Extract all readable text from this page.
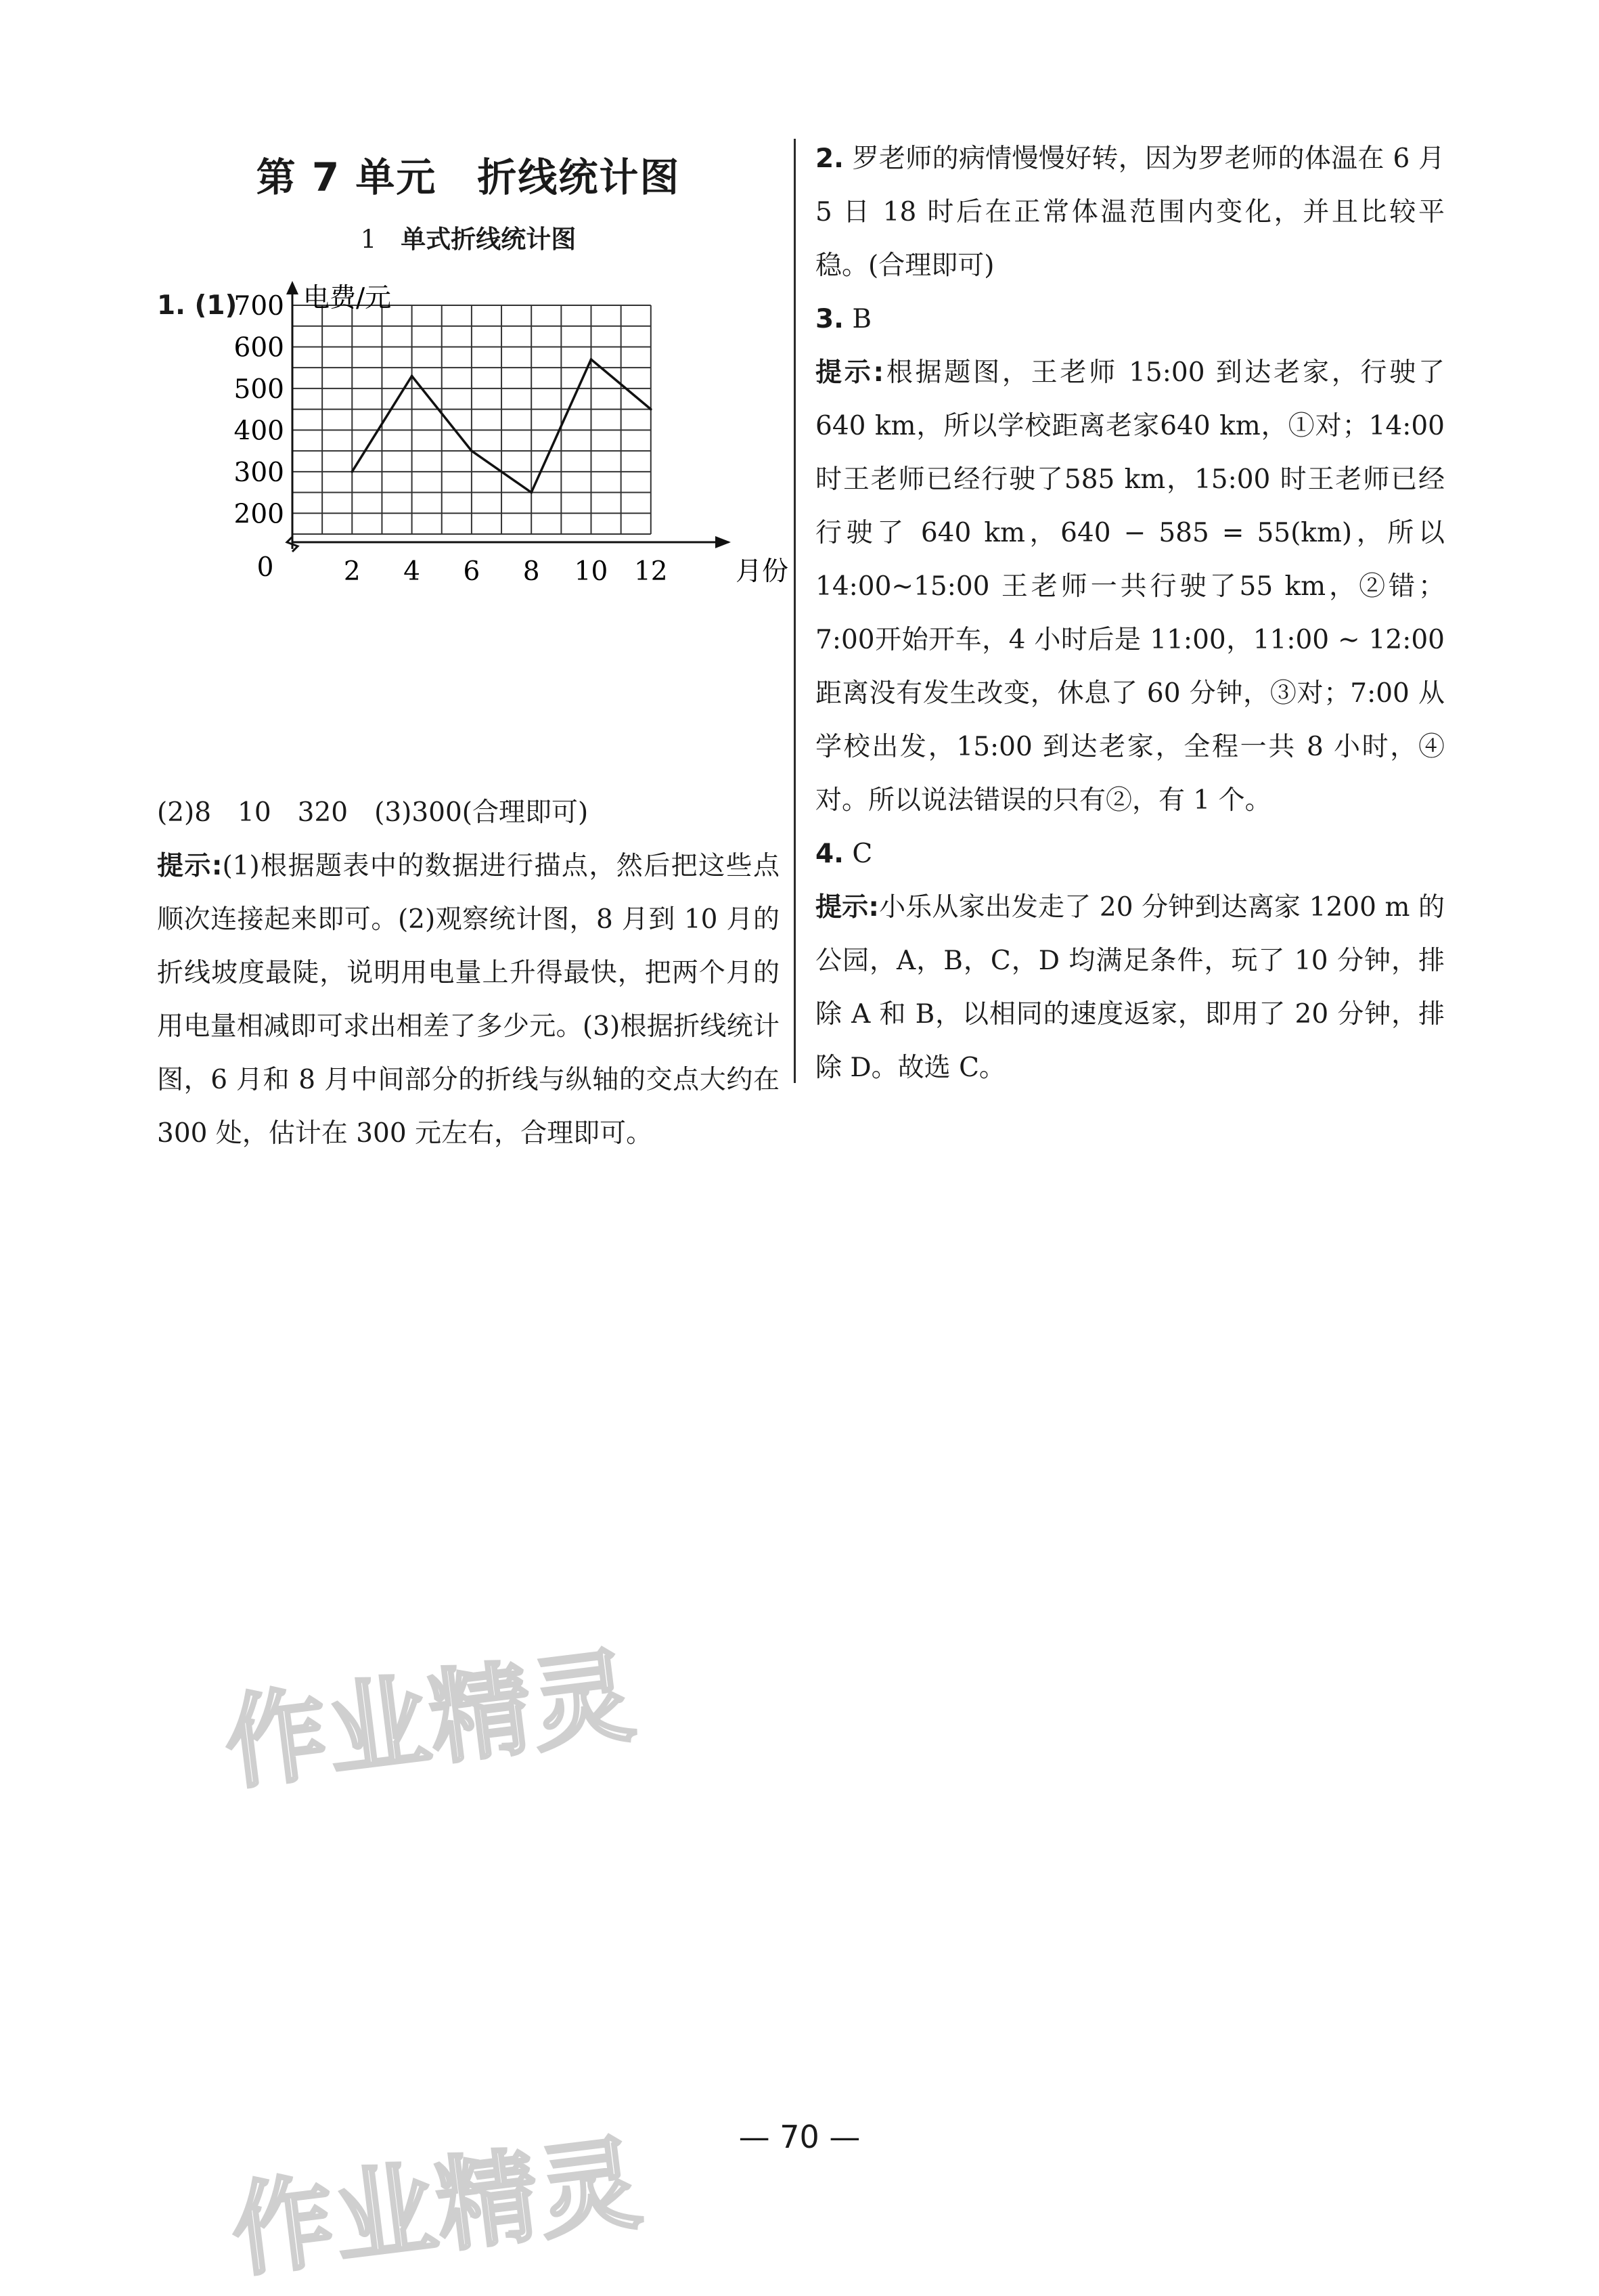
第 7 单元　折线统计图
1 单式折线统计图
1. (1)
200
300
400
500
600
700
2 4 6 8 10 12
0
电费/元
月份
(2)8　10　320　(3)300(合理即可)
提示:(1)根据题表中的数据进行描点，然后把这些点顺次连接起来即可。(2)观察统计图，8 月到 10 月的折线坡度最陡，说明用电量上升得最快，把两个月的用电量相减即可求出相差了多少元。(3)根据折线统计图，6 月和 8 月中间部分的折线与纵轴的交点大约在 300 处，估计在 300 元左右，合理即可。
2. 罗老师的病情慢慢好转，因为罗老师的体温在 6 月 5 日 18 时后在正常体温范围内变化，并且比较平稳。(合理即可)
3. B
提示:根据题图，王老师 15:00 到达老家，行驶了 640 km，所以学校距离老家640 km，①对；14:00 时王老师已经行驶了585 km，15:00 时王老师已经行驶了 640 km，640 − 585 = 55(km)，所以 14:00~15:00 王老师一共行驶了55 km，②错；7:00开始开车，4 小时后是 11:00，11:00 ~ 12:00 距离没有发生改变，休息了 60 分钟，③对；7:00 从学校出发，15:00 到达老家，全程一共 8 小时，④对。所以说法错误的只有②，有 1 个。
4. C
提示:小乐从家出发走了 20 分钟到达离家 1200 m 的公园，A，B，C，D 均满足条件，玩了 10 分钟，排除 A 和 B，以相同的速度返家，即用了 20 分钟，排除 D。故选 C。
作业精灵
— 70 —
作业精灵
